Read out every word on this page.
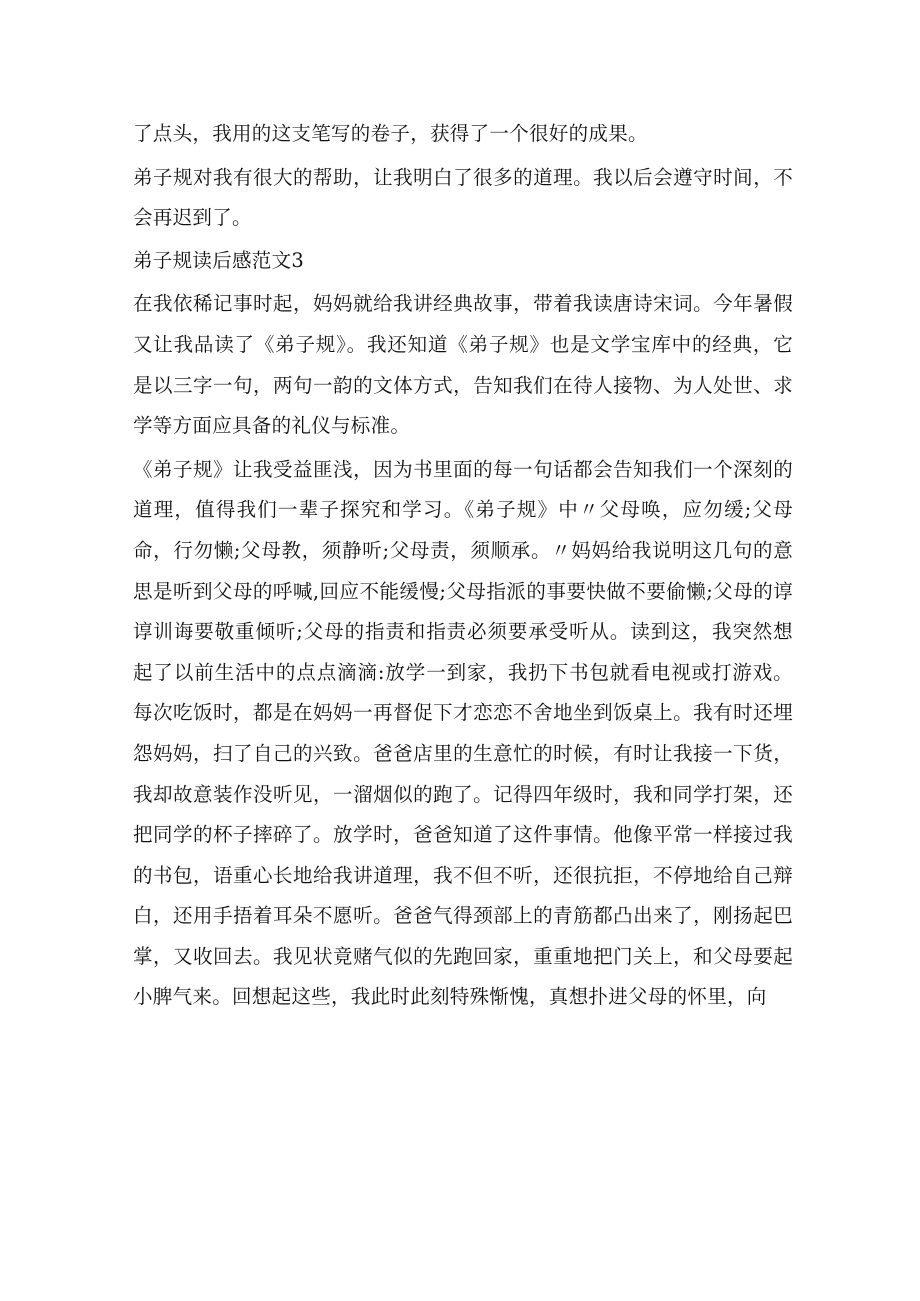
了点头，我用的这支笔写的卷子，获得了一个很好的成果。

弟子规对我有很大的帮助，让我明白了很多的道理。我以后会遵守时间，不会再迟到了。

弟子规读后感范文3

在我依稀记事时起，妈妈就给我讲经典故事，带着我读唐诗宋词。今年暑假又让我品读了《弟子规》。我还知道《弟子规》也是文学宝库中的经典，它是以三字一句，两句一韵的文体方式，告知我们在待人接物、为人处世、求学等方面应具备的礼仪与标准。

《弟子规》让我受益匪浅，因为书里面的每一句话都会告知我们一个深刻的道理，值得我们一辈子探究和学习。《弟子规》中〃父母唤，应勿缓;父母命，行勿懒;父母教，须静听;父母责，须顺承。〃妈妈给我说明这几句的意思是听到父母的呼喊,回应不能缓慢;父母指派的事要快做不要偷懒;父母的谆谆训诲要敬重倾听;父母的指责和指责必须要承受听从。读到这，我突然想起了以前生活中的点点滴滴:放学一到家，我扔下书包就看电视或打游戏。每次吃饭时，都是在妈妈一再督促下才恋恋不舍地坐到饭桌上。我有时还埋怨妈妈，扫了自己的兴致。爸爸店里的生意忙的时候，有时让我接一下货，我却故意装作没听见，一溜烟似的跑了。记得四年级时，我和同学打架，还把同学的杯子摔碎了。放学时，爸爸知道了这件事情。他像平常一样接过我的书包，语重心长地给我讲道理，我不但不听，还很抗拒，不停地给自己辩白，还用手捂着耳朵不愿听。爸爸气得颈部上的青筋都凸出来了，刚扬起巴掌，又收回去。我见状竟赌气似的先跑回家，重重地把门关上，和父母要起小脾气来。回想起这些，我此时此刻特殊惭愧，真想扑进父母的怀里，向
